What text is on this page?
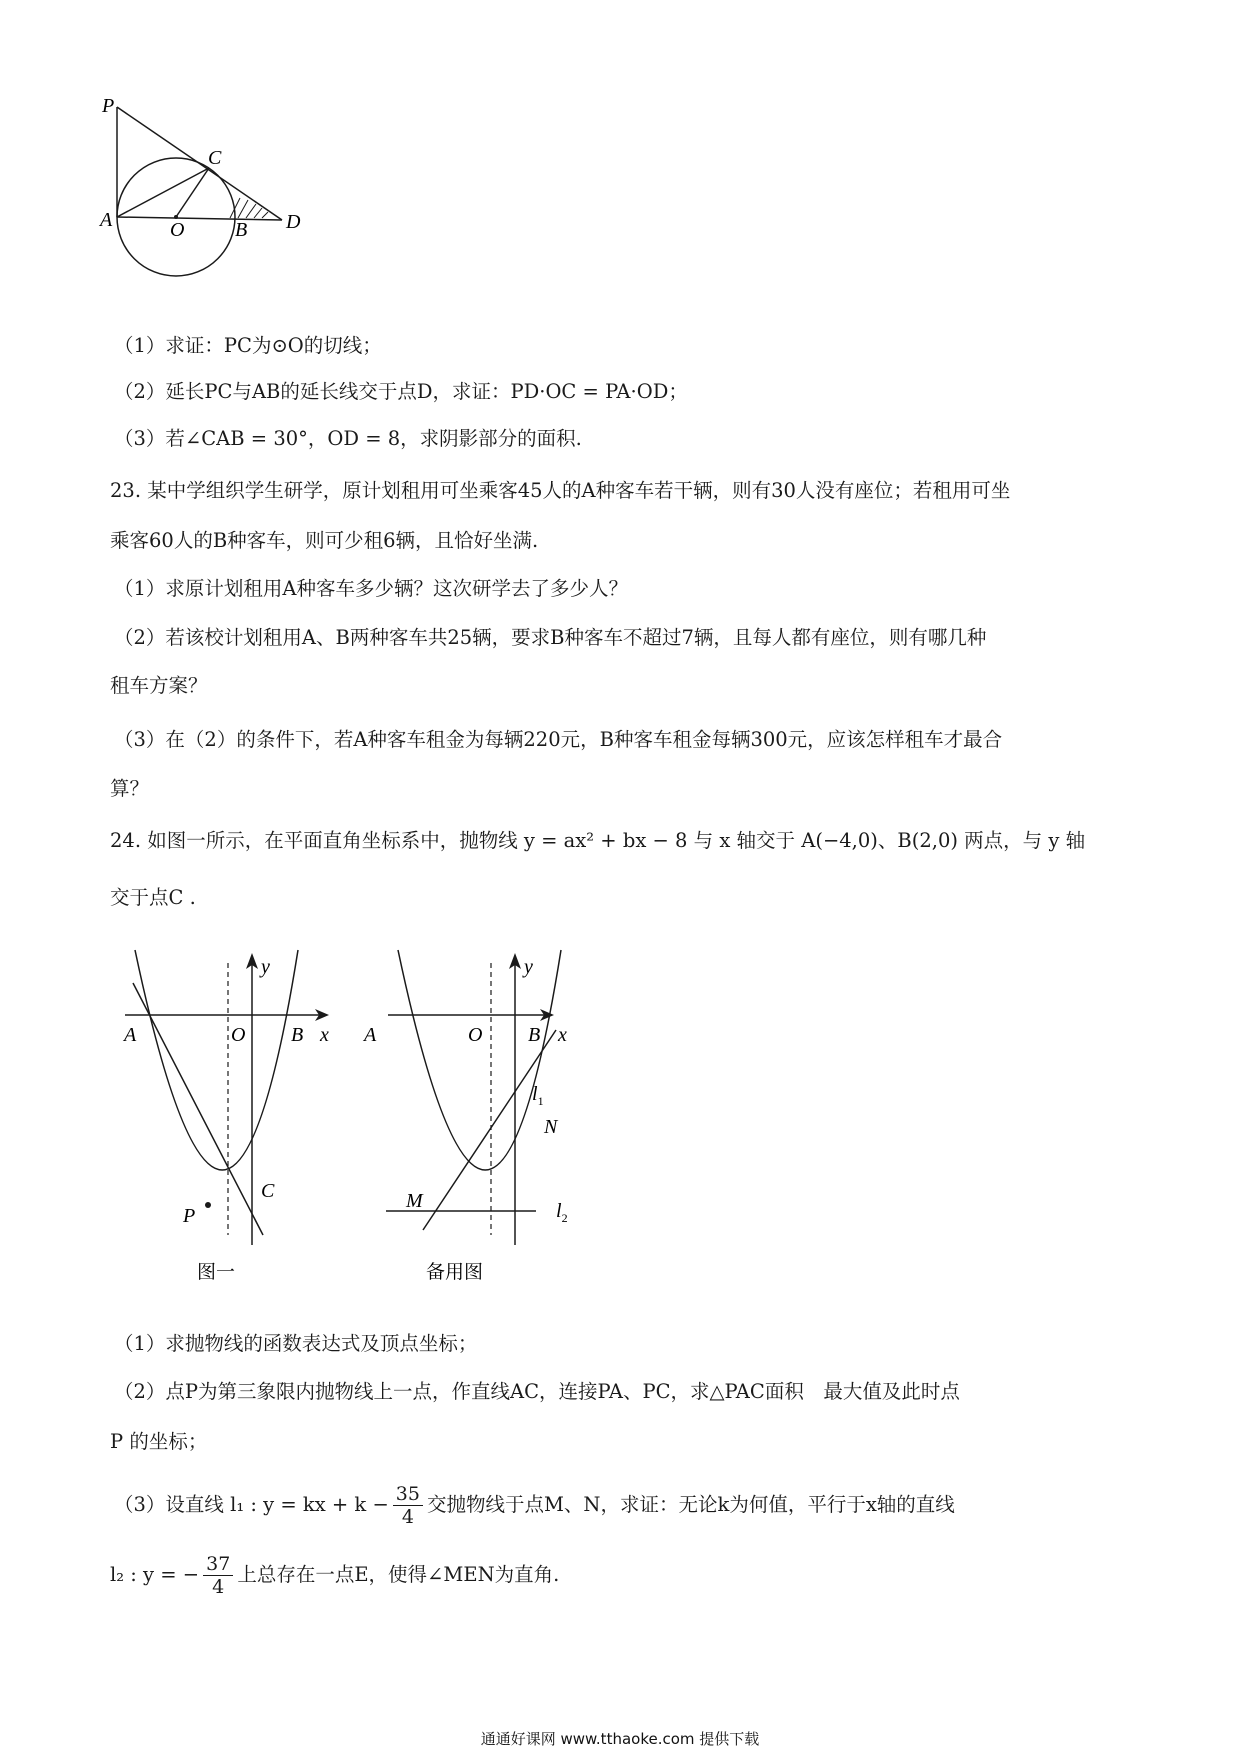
P
C
A	O	B D
（1）求证：PC为⊙O的切线；
（2）延长PC与AB的延长线交于点D，求证：PD·OC = PA·OD；
（3）若∠CAB = 30°，OD = 8，求阴影部分的面积.
23. 某中学组织学生研学，原计划租用可坐乘客45人的A种客车若干辆，则有30人没有座位；若租用可坐
乘客60人的B种客车，则可少租6辆，且恰好坐满.
（1）求原计划租用A种客车多少辆？这次研学去了多少人？
（2）若该校计划租用A、B两种客车共25辆，要求B种客车不超过7辆，且每人都有座位，则有哪几种
租车方案？
（3）在（2）的条件下，若A种客车租金为每辆220元，B种客车租金每辆300元，应该怎样租车才最合
算？
24. 如图一所示，在平面直角坐标系中，抛物线 y = ax² + bx − 8 与 x 轴交于 A(−4,0)、B(2,0) 两点，与 y 轴
交于点C .
y
x
A	O B
C
P
图一
y
x
A	O B
$l_1$
N
M	$l_2$
备用图
（1）求抛物线的函数表达式及顶点坐标；
（2）点P为第三象限内抛物线上一点，作直线AC，连接PA、PC，求△PAC面积　最大值及此时点
P 的坐标；
（3）设直线 l₁ : y = kx + $k - \frac{35}{4}$ 交抛物线于点M、N，求证：无论k为何值，平行于x轴的直线
l₂ : y = − $\frac{37}{4}$ 上总存在一点E，使得∠MEN为直角.
通通好课网 www.tthaoke.com 提供下载
